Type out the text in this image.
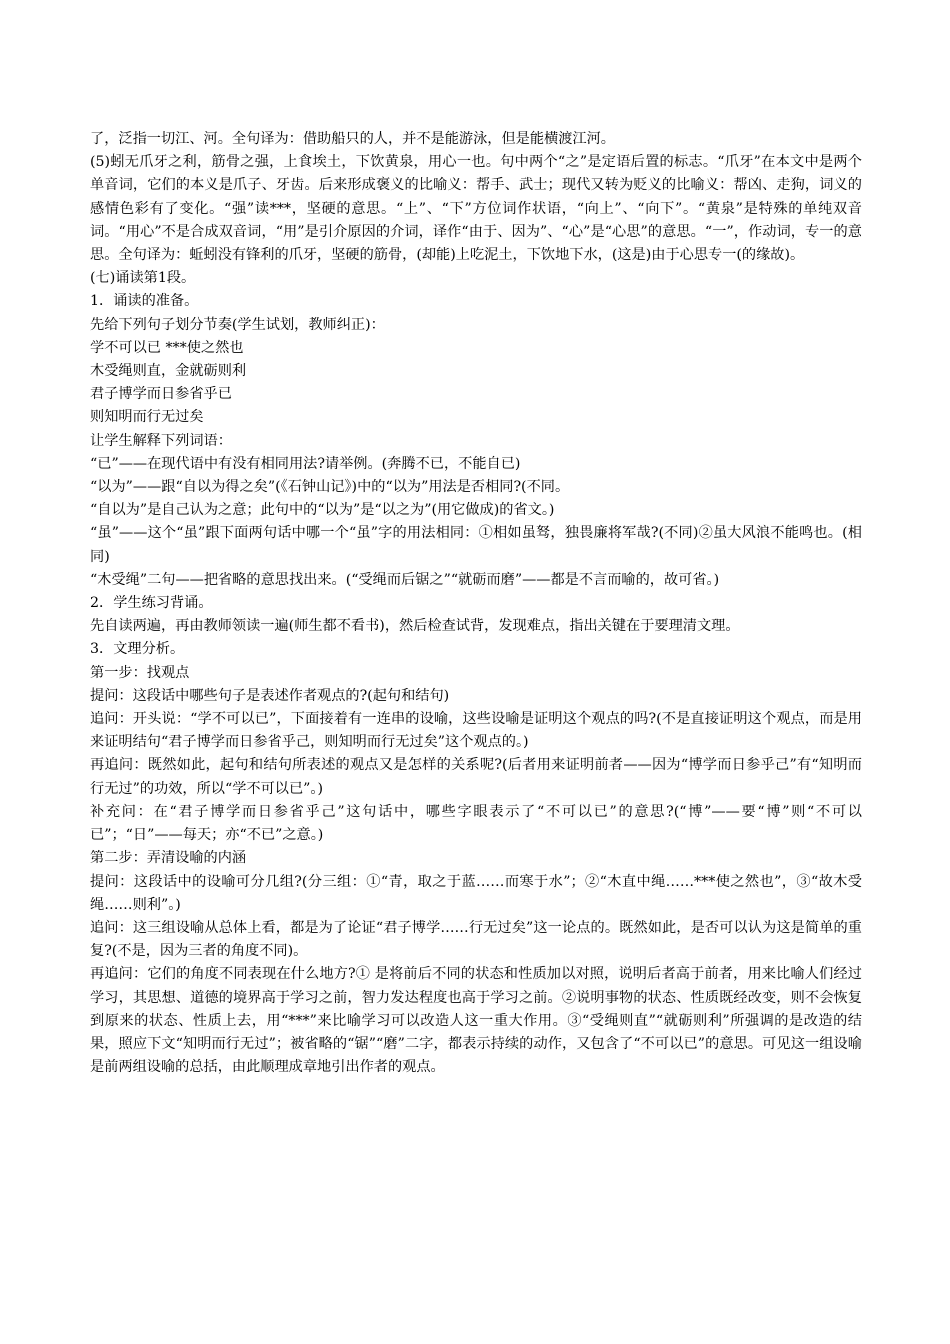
了，泛指一切江、河。全句译为：借助船只的人，并不是能游泳，但是能横渡江河。

(5)蚓无爪牙之利，筋骨之强，上食埃土，下饮黄泉，用心一也。句中两个“之”是定语后置的标志。“爪牙”在本文中是两个单音词，它们的本义是爪子、牙齿。后来形成褒义的比喻义：帮手、武士；现代又转为贬义的比喻义：帮凶、走狗，词义的感情色彩有了变化。“强”读***，坚硬的意思。“上”、“下”方位词作状语，“向上”、“向下”。“黄泉”是特殊的单纯双音词。“用心”不是合成双音词，“用”是引介原因的介词，译作“由于、因为”、“心”是“心思”的意思。“一”，作动词，专一的意思。全句译为：蚯蚓没有锋利的爪牙，坚硬的筋骨，(却能)上吃泥土，下饮地下水，(这是)由于心思专一(的缘故)。

(七)诵读第1段。

1．诵读的准备。

先给下列句子划分节奏(学生试划，教师纠正)：

学不可以已 ***使之然也

木受绳则直，金就砺则利

君子博学而日参省乎已

则知明而行无过矣

让学生解释下列词语：

“已”——在现代语中有没有相同用法?请举例。(奔腾不已，不能自已)

“以为”——跟“自以为得之矣”(《石钟山记》)中的“以为”用法是否相同?(不同。

“自以为”是自己认为之意；此句中的“以为”是“以之为”(用它做成)的省文。)

“虽”——这个“虽”跟下面两句话中哪一个“虽”字的用法相同：①相如虽驽，独畏廉将军哉?(不同)②虽大风浪不能鸣也。(相同)

“木受绳”二句——把省略的意思找出来。(“受绳而后锯之”“就砺而磨”——都是不言而喻的，故可省。)

2．学生练习背诵。

先自读两遍，再由教师领读一遍(师生都不看书)，然后检查试背，发现难点，指出关键在于要理清文理。

3．文理分析。

第一步：找观点

提问：这段话中哪些句子是表述作者观点的?(起句和结句)

追问：开头说：“学不可以已”，下面接着有一连串的设喻，这些设喻是证明这个观点的吗?(不是直接证明这个观点，而是用来证明结句“君子博学而日参省乎己，则知明而行无过矣”这个观点的。)

再追问：既然如此，起句和结句所表述的观点又是怎样的关系呢?(后者用来证明前者——因为“博学而日参乎己”有“知明而行无过”的功效，所以“学不可以已”。)

补充问：在“君子博学而日参省乎己”这句话中，哪些字眼表示了“不可以已”的意思?(“博”——要“博”则“不可以已”；“日”——每天；亦“不已”之意。)

第二步：弄清设喻的内涵

提问：这段话中的设喻可分几组?(分三组：①“青，取之于蓝……而寒于水”；②“木直中绳……***使之然也”，③“故木受绳……则利”。)

追问：这三组设喻从总体上看，都是为了论证“君子博学……行无过矣”这一论点的。既然如此，是否可以认为这是简单的重复?(不是，因为三者的角度不同)。

再追问：它们的角度不同表现在什么地方?① 是将前后不同的状态和性质加以对照，说明后者高于前者，用来比喻人们经过学习，其思想、道德的境界高于学习之前，智力发达程度也高于学习之前。②说明事物的状态、性质既经改变，则不会恢复到原来的状态、性质上去，用“***”来比喻学习可以改造人这一重大作用。③“受绳则直”“就砺则利”所强调的是改造的结果，照应下文“知明而行无过”；被省略的“锯”“磨”二字，都表示持续的动作，又包含了“不可以已”的意思。可见这一组设喻是前两组设喻的总括，由此顺理成章地引出作者的观点。
